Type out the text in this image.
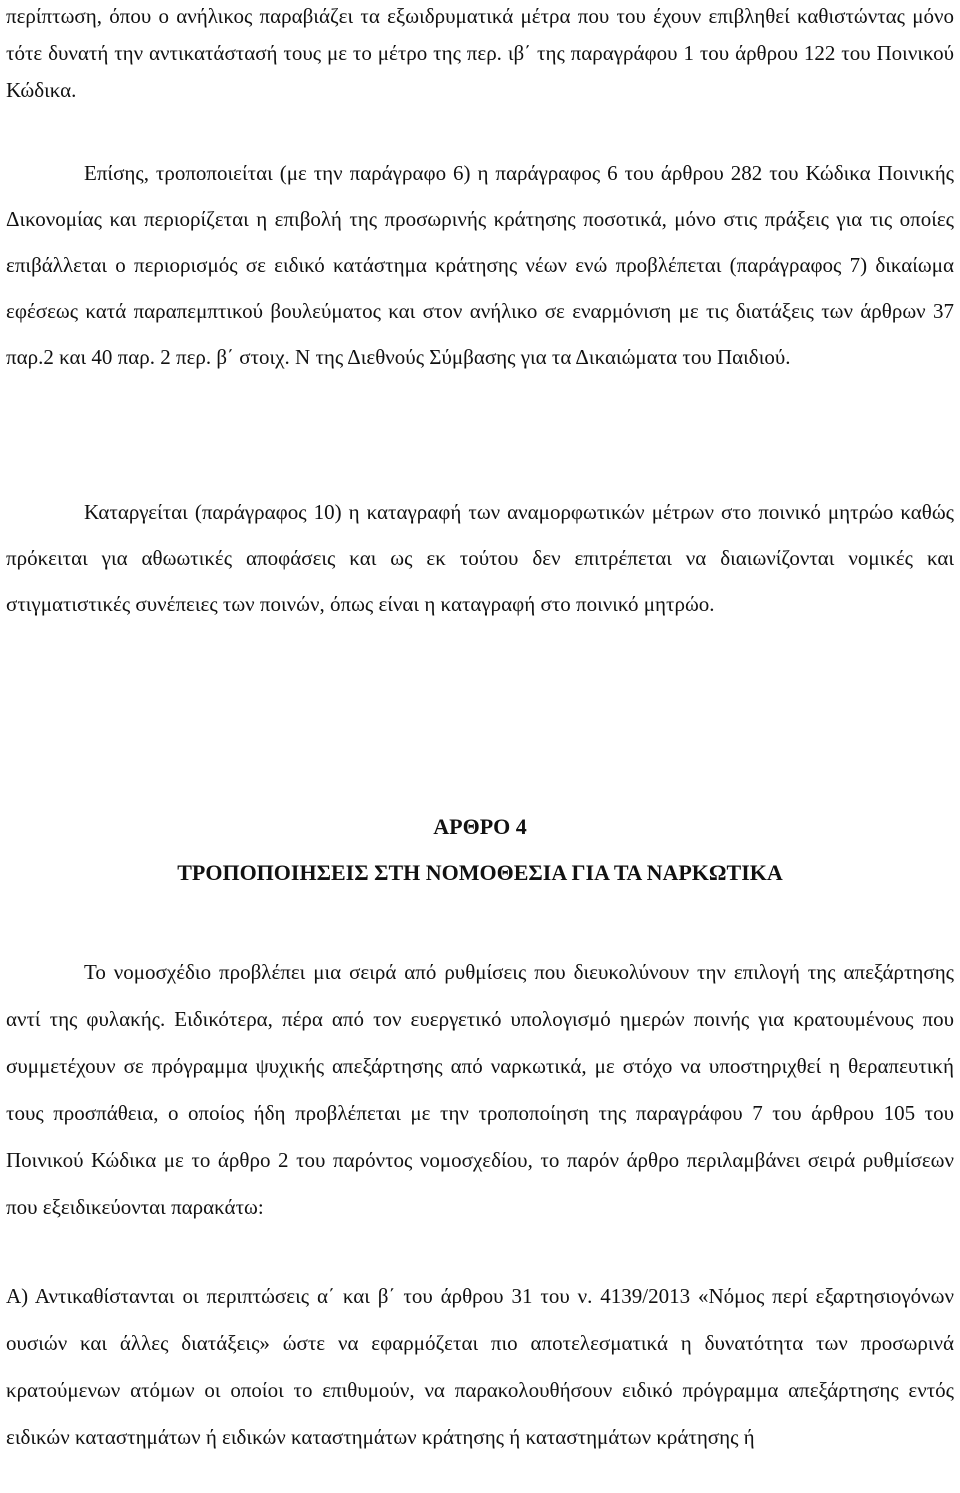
περίπτωση, όπου ο ανήλικος παραβιάζει τα εξωιδρυματικά μέτρα που του έχουν επιβληθεί καθιστώντας μόνο τότε δυνατή την αντικατάστασή τους με το μέτρο της περ. ιβ΄ της παραγράφου 1 του άρθρου 122 του Ποινικού Κώδικα.

Επίσης, τροποποιείται (με την παράγραφο 6) η παράγραφος 6 του άρθρου 282 του Κώδικα Ποινικής Δικονομίας και περιορίζεται η επιβολή της προσωρινής κράτησης ποσοτικά, μόνο στις πράξεις για τις οποίες επιβάλλεται ο περιορισμός σε ειδικό κατάστημα κράτησης νέων ενώ προβλέπεται (παράγραφος 7) δικαίωμα εφέσεως κατά παραπεμπτικού βουλεύματος και στον ανήλικο σε εναρμόνιση με τις διατάξεις των άρθρων 37 παρ.2 και 40 παρ. 2 περ. β΄ στοιχ. Ν της Διεθνούς Σύμβασης για τα Δικαιώματα του Παιδιού.

Καταργείται (παράγραφος 10) η καταγραφή των αναμορφωτικών μέτρων στο ποινικό μητρώο καθώς πρόκειται για αθωωτικές αποφάσεις και ως εκ τούτου δεν επιτρέπεται να διαιωνίζονται νομικές και στιγματιστικές συνέπειες των ποινών, όπως είναι η καταγραφή στο ποινικό μητρώο.

ΑΡΘΡΟ 4
ΤΡΟΠΟΠΟΙΗΣΕΙΣ ΣΤΗ ΝΟΜΟΘΕΣΙΑ ΓΙΑ ΤΑ ΝΑΡΚΩΤΙΚΑ

Το νομοσχέδιο προβλέπει μια σειρά από ρυθμίσεις που διευκολύνουν την επιλογή της απεξάρτησης αντί της φυλακής. Ειδικότερα, πέρα από τον ευεργετικό υπολογισμό ημερών ποινής για κρατουμένους που συμμετέχουν σε πρόγραμμα ψυχικής απεξάρτησης από ναρκωτικά, με στόχο να υποστηριχθεί η θεραπευτική τους προσπάθεια, ο οποίος ήδη προβλέπεται με την τροποποίηση της παραγράφου 7 του άρθρου 105 του Ποινικού Κώδικα με το άρθρο 2 του παρόντος νομοσχεδίου, το παρόν άρθρο περιλαμβάνει σειρά ρυθμίσεων που εξειδικεύονται παρακάτω:

Α) Αντικαθίστανται οι περιπτώσεις α΄ και β΄ του άρθρου 31 του ν. 4139/2013 «Νόμος περί εξαρτησιογόνων ουσιών και άλλες διατάξεις» ώστε να εφαρμόζεται πιο αποτελεσματικά η δυνατότητα των προσωρινά κρατούμενων ατόμων οι οποίοι το επιθυμούν, να παρακολουθήσουν ειδικό πρόγραμμα απεξάρτησης εντός ειδικών καταστημάτων ή ειδικών καταστημάτων κράτησης ή καταστημάτων κράτησης ή
